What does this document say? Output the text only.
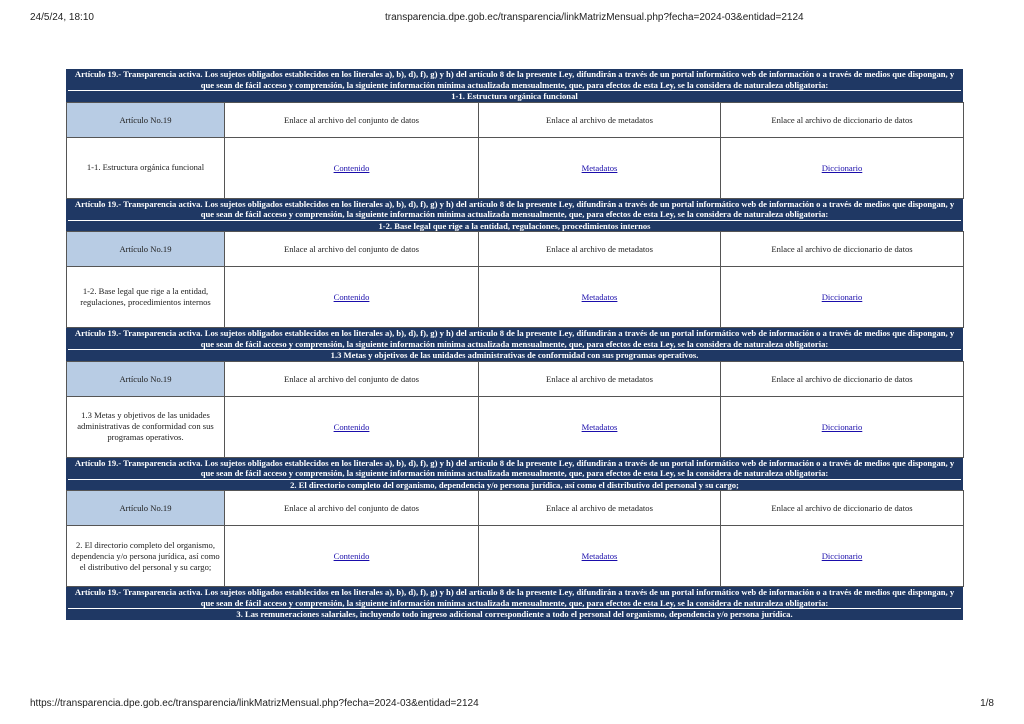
24/5/24, 18:10	transparencia.dpe.gob.ec/transparencia/linkMatrizMensual.php?fecha=2024-03&entidad=2124
Artículo 19.- Transparencia activa. Los sujetos obligados establecidos en los literales a), b), d), f), g) y h) del artículo 8 de la presente Ley, difundirán a través de un portal informático web de información o a través de medios que dispongan, y que sean de fácil acceso y comprensión, la siguiente información mínima actualizada mensualmente, que, para efectos de esta Ley, se la considera de naturaleza obligatoria:
1-1. Estructura orgánica funcional
Artículo No.19	Enlace al archivo del conjunto de datos	Enlace al archivo de metadatos	Enlace al archivo de diccionario de datos
1-1. Estructura orgánica funcional	Contenido	Metadatos	Diccionario
Artículo 19.- Transparencia activa. Los sujetos obligados establecidos en los literales a), b), d), f), g) y h) del artículo 8 de la presente Ley, difundirán a través de un portal informático web de información o a través de medios que dispongan, y que sean de fácil acceso y comprensión, la siguiente información mínima actualizada mensualmente, que, para efectos de esta Ley, se la considera de naturaleza obligatoria:
1-2. Base legal que rige a la entidad, regulaciones, procedimientos internos
Artículo No.19	Enlace al archivo del conjunto de datos	Enlace al archivo de metadatos	Enlace al archivo de diccionario de datos
1-2. Base legal que rige a la entidad, regulaciones, procedimientos internos	Contenido	Metadatos	Diccionario
Artículo 19.- Transparencia activa. Los sujetos obligados establecidos en los literales a), b), d), f), g) y h) del artículo 8 de la presente Ley, difundirán a través de un portal informático web de información o a través de medios que dispongan, y que sean de fácil acceso y comprensión, la siguiente información mínima actualizada mensualmente, que, para efectos de esta Ley, se la considera de naturaleza obligatoria:
1.3 Metas y objetivos de las unidades administrativas de conformidad con sus programas operativos.
Artículo No.19	Enlace al archivo del conjunto de datos	Enlace al archivo de metadatos	Enlace al archivo de diccionario de datos
1.3 Metas y objetivos de las unidades administrativas de conformidad con sus programas operativos.	Contenido	Metadatos	Diccionario
Artículo 19.- Transparencia activa. Los sujetos obligados establecidos en los literales a), b), d), f), g) y h) del artículo 8 de la presente Ley, difundirán a través de un portal informático web de información o a través de medios que dispongan, y que sean de fácil acceso y comprensión, la siguiente información mínima actualizada mensualmente, que, para efectos de esta Ley, se la considera de naturaleza obligatoria:
2. El directorio completo del organismo, dependencia y/o persona jurídica, así como el distributivo del personal y su cargo;
Artículo No.19	Enlace al archivo del conjunto de datos	Enlace al archivo de metadatos	Enlace al archivo de diccionario de datos
2. El directorio completo del organismo, dependencia y/o persona jurídica, así como el distributivo del personal y su cargo;	Contenido	Metadatos	Diccionario
Artículo 19.- Transparencia activa. Los sujetos obligados establecidos en los literales a), b), d), f), g) y h) del artículo 8 de la presente Ley, difundirán a través de un portal informático web de información o a través de medios que dispongan, y que sean de fácil acceso y comprensión, la siguiente información mínima actualizada mensualmente, que, para efectos de esta Ley, se la considera de naturaleza obligatoria:
3. Las remuneraciones salariales, incluyendo todo ingreso adicional correspondiente a todo el personal del organismo, dependencia y/o persona jurídica.
https://transparencia.dpe.gob.ec/transparencia/linkMatrizMensual.php?fecha=2024-03&entidad=2124	1/8
